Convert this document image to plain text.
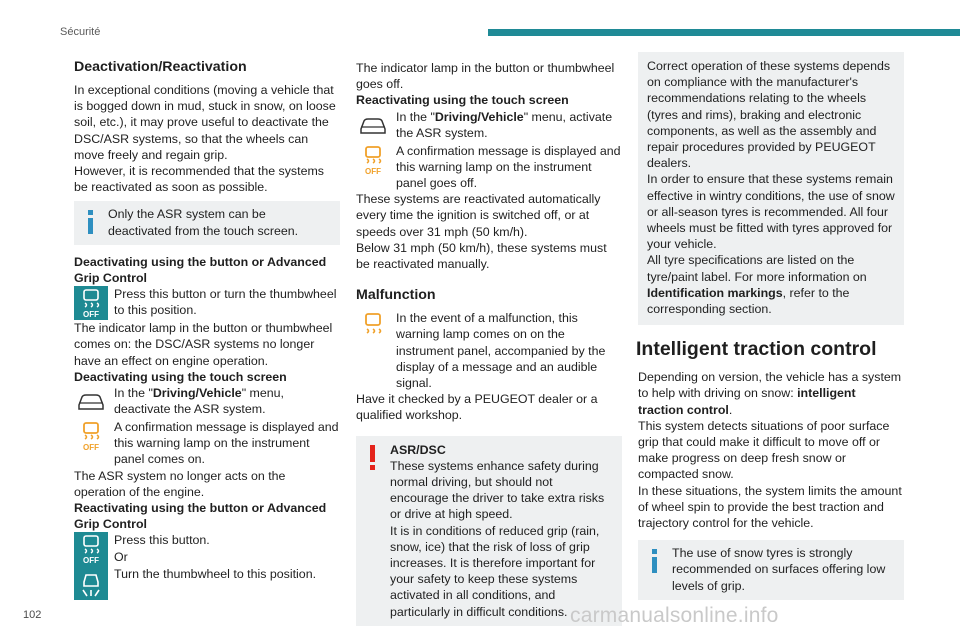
Sécurité
Deactivation/Reactivation

In exceptional conditions (moving a vehicle that is bogged down in mud, stuck in snow, on loose soil, etc.), it may prove useful to deactivate the DSC/ASR systems, so that the wheels can move freely and regain grip.

However, it is recommended that the systems be reactivated as soon as possible.

Only the ASR system can be deactivated from the touch screen.

Deactivating using the button or Advanced Grip Control

OFF

Press this button or turn the thumbwheel to this position.

The indicator lamp in the button or thumbwheel comes on: the DSC/ASR systems no longer have an effect on engine operation.

Deactivating using the touch screen

In the "Driving/Vehicle" menu, deactivate the ASR system.

OFF

A confirmation message is displayed and this warning lamp on the instrument panel comes on.

The ASR system no longer acts on the operation of the engine.

Reactivating using the button or Advanced Grip Control

OFF

Press this button.

Or

Turn the thumbwheel to this position.

The indicator lamp in the button or thumbwheel goes off.

Reactivating using the touch screen

In the "Driving/Vehicle" menu, activate the ASR system.

OFF

A confirmation message is displayed and this warning lamp on the instrument panel goes off.

These systems are reactivated automatically every time the ignition is switched off, or at speeds over 31 mph (50 km/h).

Below 31 mph (50 km/h), these systems must be reactivated manually.

Malfunction

In the event of a malfunction, this warning lamp comes on on the instrument panel, accompanied by the display of a message and an audible signal.

Have it checked by a PEUGEOT dealer or a qualified workshop.

ASR/DSC

These systems enhance safety during normal driving, but should not encourage the driver to take extra risks or drive at high speed.

It is in conditions of reduced grip (rain, snow, ice) that the risk of loss of grip increases. It is therefore important for your safety to keep these systems activated in all conditions, and particularly in difficult conditions.

Correct operation of these systems depends on compliance with the manufacturer's recommendations relating to the wheels (tyres and rims), braking and electronic components, as well as the assembly and repair procedures provided by PEUGEOT dealers.

In order to ensure that these systems remain effective in wintry conditions, the use of snow or all-season tyres is recommended. All four wheels must be fitted with tyres approved for your vehicle.

All tyre specifications are listed on the tyre/paint label. For more information on Identification markings, refer to the corresponding section.

Intelligent traction control

Depending on version, the vehicle has a system to help with driving on snow: intelligent traction control.

This system detects situations of poor surface grip that could make it difficult to move off or make progress on deep fresh snow or compacted snow.

In these situations, the system limits the amount of wheel spin to provide the best traction and trajectory control for the vehicle.

The use of snow tyres is strongly recommended on surfaces offering low levels of grip.

102	carmanualsonline.info
